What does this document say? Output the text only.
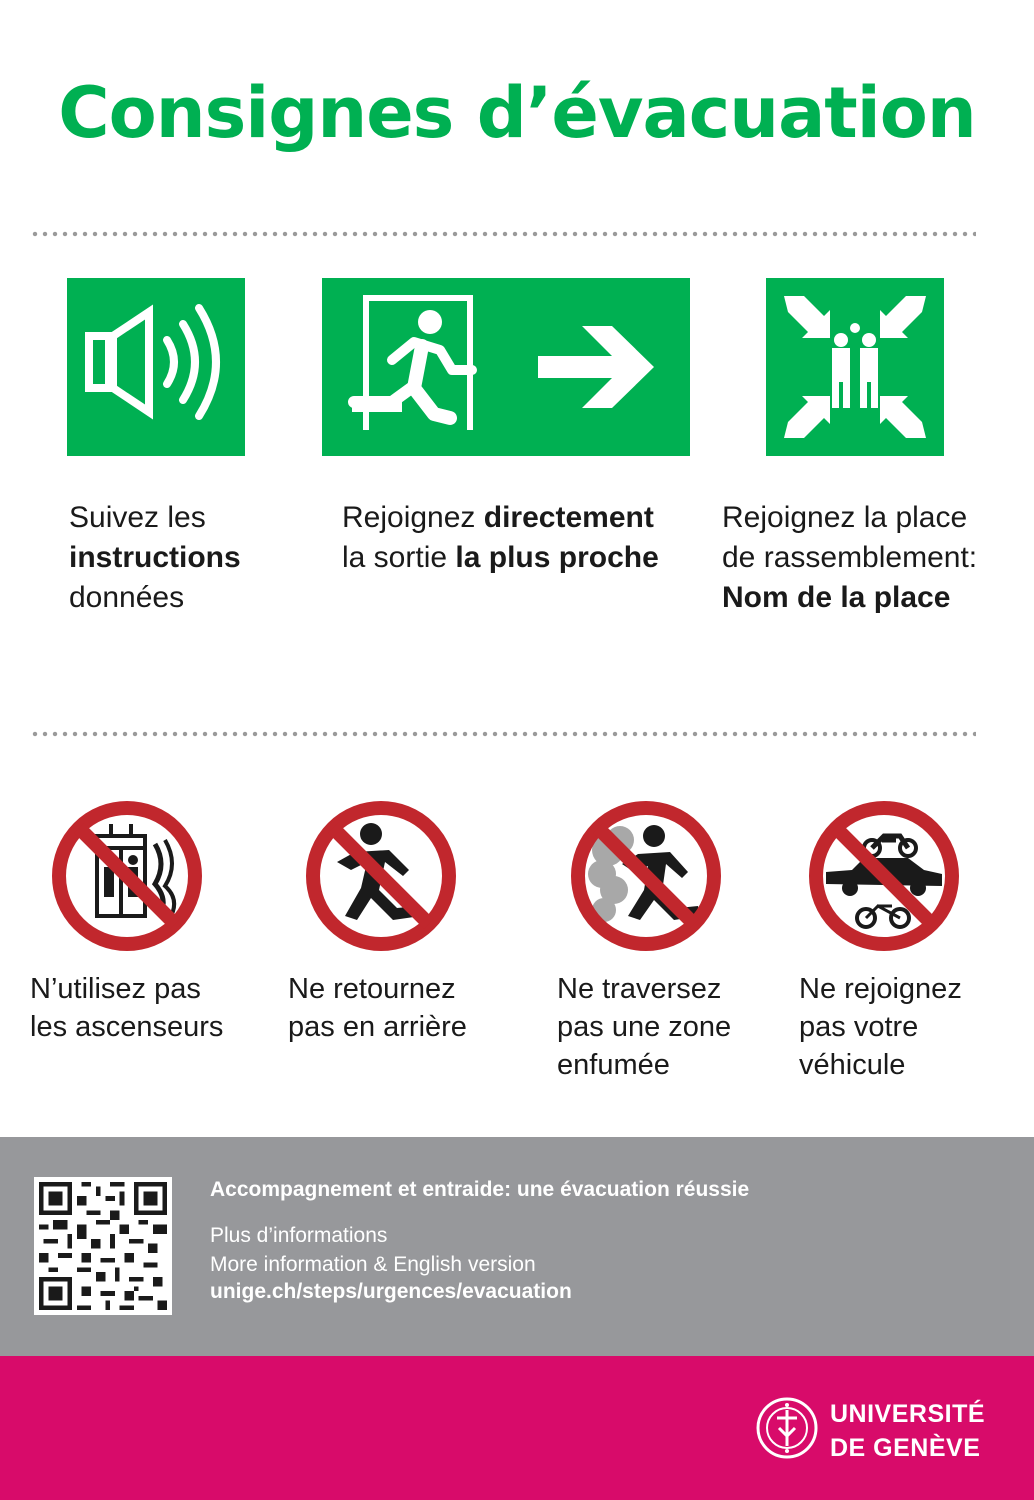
Consignes d’évacuation
Suivez les
instructions
données
Rejoignez directement
la sortie la plus proche
Rejoignez la place de rassemblement:
Nom de la place
N’utilisez pas
les ascenseurs
Ne retournez
pas en arrière
Ne traversez
pas une zone
enfumée
Ne rejoignez
pas votre
véhicule
Accompagnement et entraide: une évacuation réussie
Plus d’informations
More information & English version
unige.ch/steps/urgences/evacuation
UNIVERSITÉ
DE GENÈVE
